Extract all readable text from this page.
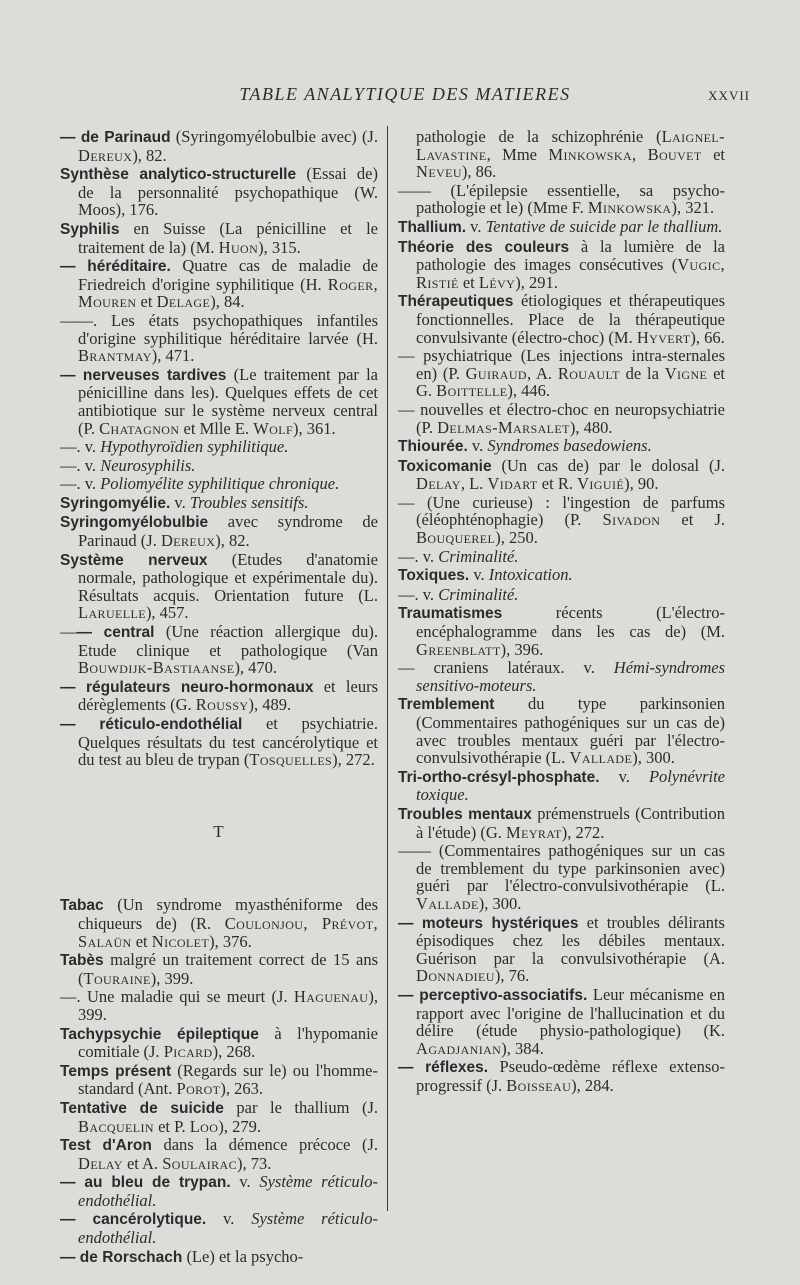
TABLE ANALYTIQUE DES MATIERES	XXVII

— de Parinaud (Syringomyélobulbie avec) (J. Dereux), 82.

Synthèse analytico-structurelle (Essai de) de la personnalité psychopathique (W. Moos), 176.

Syphilis en Suisse (La pénicilline et le traitement de la) (M. Huon), 315.

— héréditaire. Quatre cas de maladie de Friedreich d'origine syphilitique (H. Roger, Mouren et Delage), 84.

——. Les états psychopathiques infantiles d'origine syphilitique héréditaire larvée (H. Brantmay), 471.

— nerveuses tardives (Le traitement par la pénicilline dans les). Quelques effets de cet antibiotique sur le système nerveux central (P. Chatagnon et Mlle E. Wolf), 361.

—. v. Hypothyroïdien syphilitique.

—. v. Neurosyphilis.

—. v. Poliomyélite syphilitique chronique.

Syringomyélie. v. Troubles sensitifs.

Syringomyélobulbie avec syndrome de Parinaud (J. Dereux), 82.

Système nerveux (Etudes d'anatomie normale, pathologique et expérimentale du). Résultats acquis. Orientation future (L. Laruelle), 457.

—— central (Une réaction allergique du). Etude clinique et pathologique (Van Bouwdijk-Bastiaanse), 470.

— régulateurs neuro-hormonaux et leurs dérèglements (G. Roussy), 489.

— réticulo-endothélial et psychiatrie. Quelques résultats du test cancérolytique et du test au bleu de trypan (Tosquelles), 272.

T

Tabac (Un syndrome myasthéniforme des chiqueurs de) (R. Coulonjou, Prévot, Salaün et Nicolet), 376.

Tabès malgré un traitement correct de 15 ans (Touraine), 399.

—. Une maladie qui se meurt (J. Haguenau), 399.

Tachypsychie épileptique à l'hypomanie comitiale (J. Picard), 268.

Temps présent (Regards sur le) ou l'homme-standard (Ant. Porot), 263.

Tentative de suicide par le thallium (J. Bacquelin et P. Loo), 279.

Test d'Aron dans la démence précoce (J. Delay et A. Soulairac), 73.

— au bleu de trypan. v. Système réticulo-endothélial.

— cancérolytique. v. Système réticulo-endothélial.

— de Rorschach (Le) et la psycho-

pathologie de la schizophrénie (Laignel-Lavastine, Mme Minkowska, Bouvet et Neveu), 86.

—— (L'épilepsie essentielle, sa psycho-pathologie et le) (Mme F. Minkowska), 321.

Thallium. v. Tentative de suicide par le thallium.

Théorie des couleurs à la lumière de la pathologie des images consécutives (Vugic, Ristié et Lévy), 291.

Thérapeutiques étiologiques et thérapeutiques fonctionnelles. Place de la thérapeutique convulsivante (électro-choc) (M. Hyvert), 66.

— psychiatrique (Les injections intra-sternales en) (P. Guiraud, A. Rouault de la Vigne et G. Boittelle), 446.

— nouvelles et électro-choc en neuropsychiatrie (P. Delmas-Marsalet), 480.

Thiourée. v. Syndromes basedowiens.

Toxicomanie (Un cas de) par le dolosal (J. Delay, L. Vidart et R. Viguié), 90.

— (Une curieuse) : l'ingestion de parfums (éléophténophagie) (P. Sivadon et J. Bouquerel), 250.

—. v. Criminalité.

Toxiques. v. Intoxication.

—. v. Criminalité.

Traumatismes récents (L'électro-encéphalogramme dans les cas de) (M. Greenblatt), 396.

— craniens latéraux. v. Hémi-syndromes sensitivo-moteurs.

Tremblement du type parkinsonien (Commentaires pathogéniques sur un cas de) avec troubles mentaux guéri par l'électro-convulsivothérapie (L. Vallade), 300.

Tri-ortho-crésyl-phosphate. v. Polynévrite toxique.

Troubles mentaux prémenstruels (Contribution à l'étude) (G. Meyrat), 272.

—— (Commentaires pathogéniques sur un cas de tremblement du type parkinsonien avec) guéri par l'électro-convulsivothérapie (L. Vallade), 300.

— moteurs hystériques et troubles délirants épisodiques chez les débiles mentaux. Guérison par la convulsivothérapie (A. Donnadieu), 76.

— perceptivo-associatifs. Leur mécanisme en rapport avec l'origine de l'hallucination et du délire (étude physio-pathologique) (K. Agadjanian), 384.

— réflexes. Pseudo-œdème réflexe extenso-progressif (J. Boisseau), 284.
